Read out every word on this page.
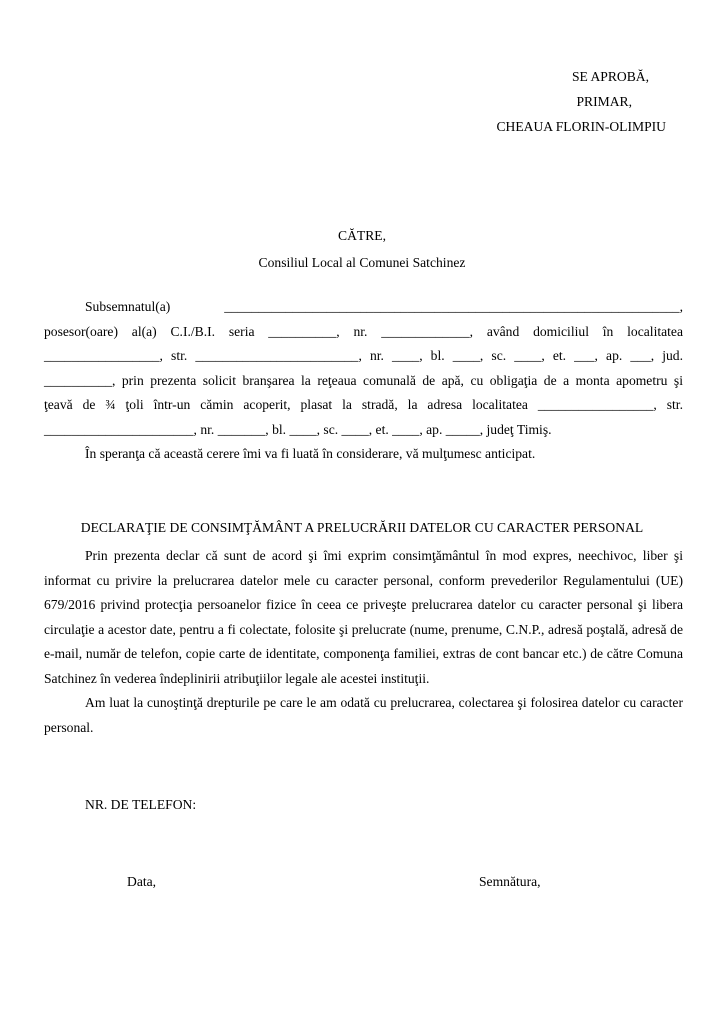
SE APROBĂ,
PRIMAR,
CHEAUA FLORIN-OLIMPIU
CĂTRE,
Consiliul Local al Comunei Satchinez
Subsemnatul(a) ___________________________________________________________________,
posesor(oare) al(a) C.I./B.I. seria __________, nr. _____________, având domiciliul în localitatea
_________________, str. ________________________, nr. ____, bl. ____, sc. ____, et. ___, ap. ___, jud.
__________, prin prezenta solicit branşarea la reţeaua comunală de apă, cu obligaţia de a monta apometru şi
ţeavă de ¾ ţoli într-un cămin acoperit, plasat la stradă, la adresa localitatea _________________, str.
______________________, nr. _______, bl. ____, sc. ____, et. ____, ap. _____, judeţ Timiş.
În speranţa că această cerere îmi va fi luată în considerare, vă mulţumesc anticipat.
DECLARAŢIE DE CONSIMŢĂMÂNT A PRELUCRĂRII DATELOR CU CARACTER PERSONAL

Prin prezenta declar că sunt de acord şi îmi exprim consimţământul în mod expres, neechivoc, liber şi informat cu privire la prelucrarea datelor mele cu caracter personal, conform prevederilor Regulamentului (UE) 679/2016 privind protecţia persoanelor fizice în ceea ce priveşte prelucrarea datelor cu caracter personal şi libera circulaţie a acestor date, pentru a fi colectate, folosite şi prelucrate (nume, prenume, C.N.P., adresă poştală, adresă de e-mail, număr de telefon, copie carte de identitate, componenţa familiei, extras de cont bancar etc.) de către Comuna Satchinez în vederea îndeplinirii atribuţiilor legale ale acestei instituţii.

Am luat la cunoştinţă drepturile pe care le am odată cu prelucrarea, colectarea şi folosirea datelor cu caracter personal.

NR. DE TELEFON:
Data,	Semnătura,
